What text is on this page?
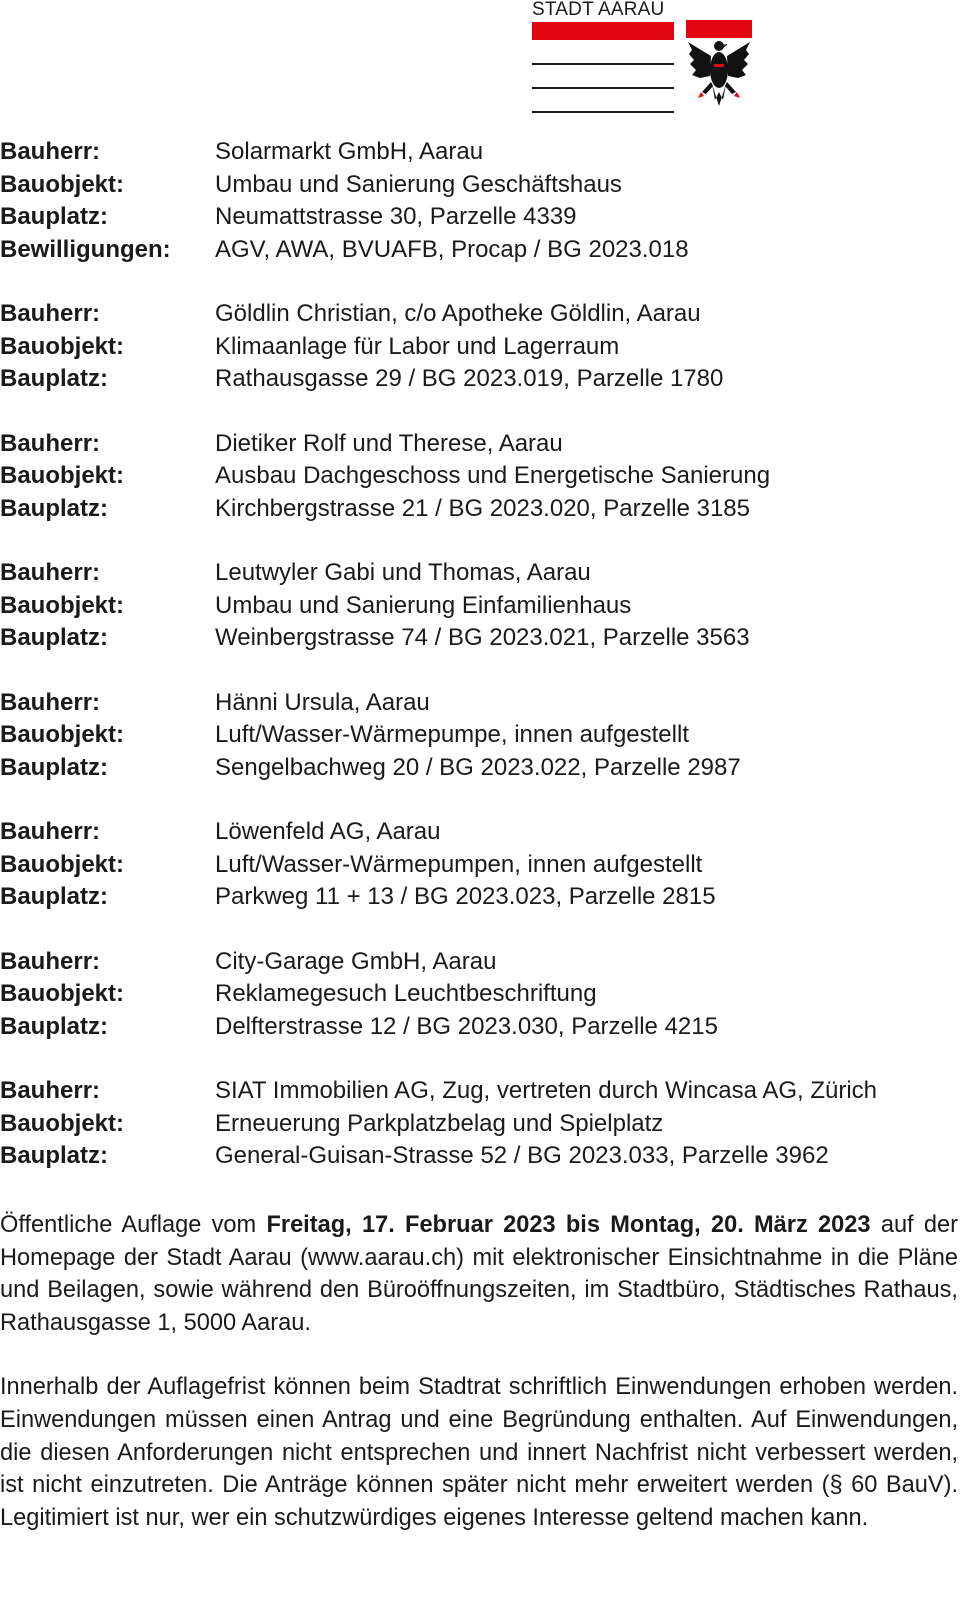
STADT AARAU
Bauherr:	Solarmarkt GmbH, Aarau
Bauobjekt:	Umbau und Sanierung Geschäftshaus
Bauplatz:	Neumattstrasse 30, Parzelle 4339
Bewilligungen:	AGV, AWA, BVUAFB, Procap / BG 2023.018
Bauherr:	Göldlin Christian, c/o Apotheke Göldlin, Aarau
Bauobjekt:	Klimaanlage für Labor und Lagerraum
Bauplatz:	Rathausgasse 29 / BG 2023.019, Parzelle 1780
Bauherr:	Dietiker Rolf und Therese, Aarau
Bauobjekt:	Ausbau Dachgeschoss und Energetische Sanierung
Bauplatz:	Kirchbergstrasse 21 / BG 2023.020, Parzelle 3185
Bauherr:	Leutwyler Gabi und Thomas, Aarau
Bauobjekt:	Umbau und Sanierung Einfamilienhaus
Bauplatz:	Weinbergstrasse 74 / BG 2023.021, Parzelle 3563
Bauherr:	Hänni Ursula, Aarau
Bauobjekt:	Luft/Wasser-Wärmepumpe, innen aufgestellt
Bauplatz:	Sengelbachweg 20 / BG 2023.022, Parzelle 2987
Bauherr:	Löwenfeld AG, Aarau
Bauobjekt:	Luft/Wasser-Wärmepumpen, innen aufgestellt
Bauplatz:	Parkweg 11 + 13 / BG 2023.023, Parzelle 2815
Bauherr:	City-Garage GmbH, Aarau
Bauobjekt:	Reklamegesuch Leuchtbeschriftung
Bauplatz:	Delfterstrasse 12 / BG 2023.030, Parzelle 4215
Bauherr:	SIAT Immobilien AG, Zug, vertreten durch Wincasa AG, Zürich
Bauobjekt:	Erneuerung Parkplatzbelag und Spielplatz
Bauplatz:	General-Guisan-Strasse 52 / BG 2023.033, Parzelle 3962

Öffentliche Auflage vom Freitag, 17. Februar 2023 bis Montag, 20. März 2023 auf der Homepage der Stadt Aarau (www.aarau.ch) mit elektronischer Einsichtnahme in die Pläne und Beilagen, sowie während den Büroöffnungszeiten, im Stadtbüro, Städtisches Rathaus, Rathausgasse 1, 5000 Aarau.

Innerhalb der Auflagefrist können beim Stadtrat schriftlich Einwendungen erhoben werden. Einwendungen müssen einen Antrag und eine Begründung enthalten. Auf Einwendungen, die diesen Anforderungen nicht entsprechen und innert Nachfrist nicht verbessert werden, ist nicht einzutreten. Die Anträge können später nicht mehr erweitert werden (§ 60 BauV). Legitimiert ist nur, wer ein schutzwürdiges eigenes Interesse geltend machen kann.
